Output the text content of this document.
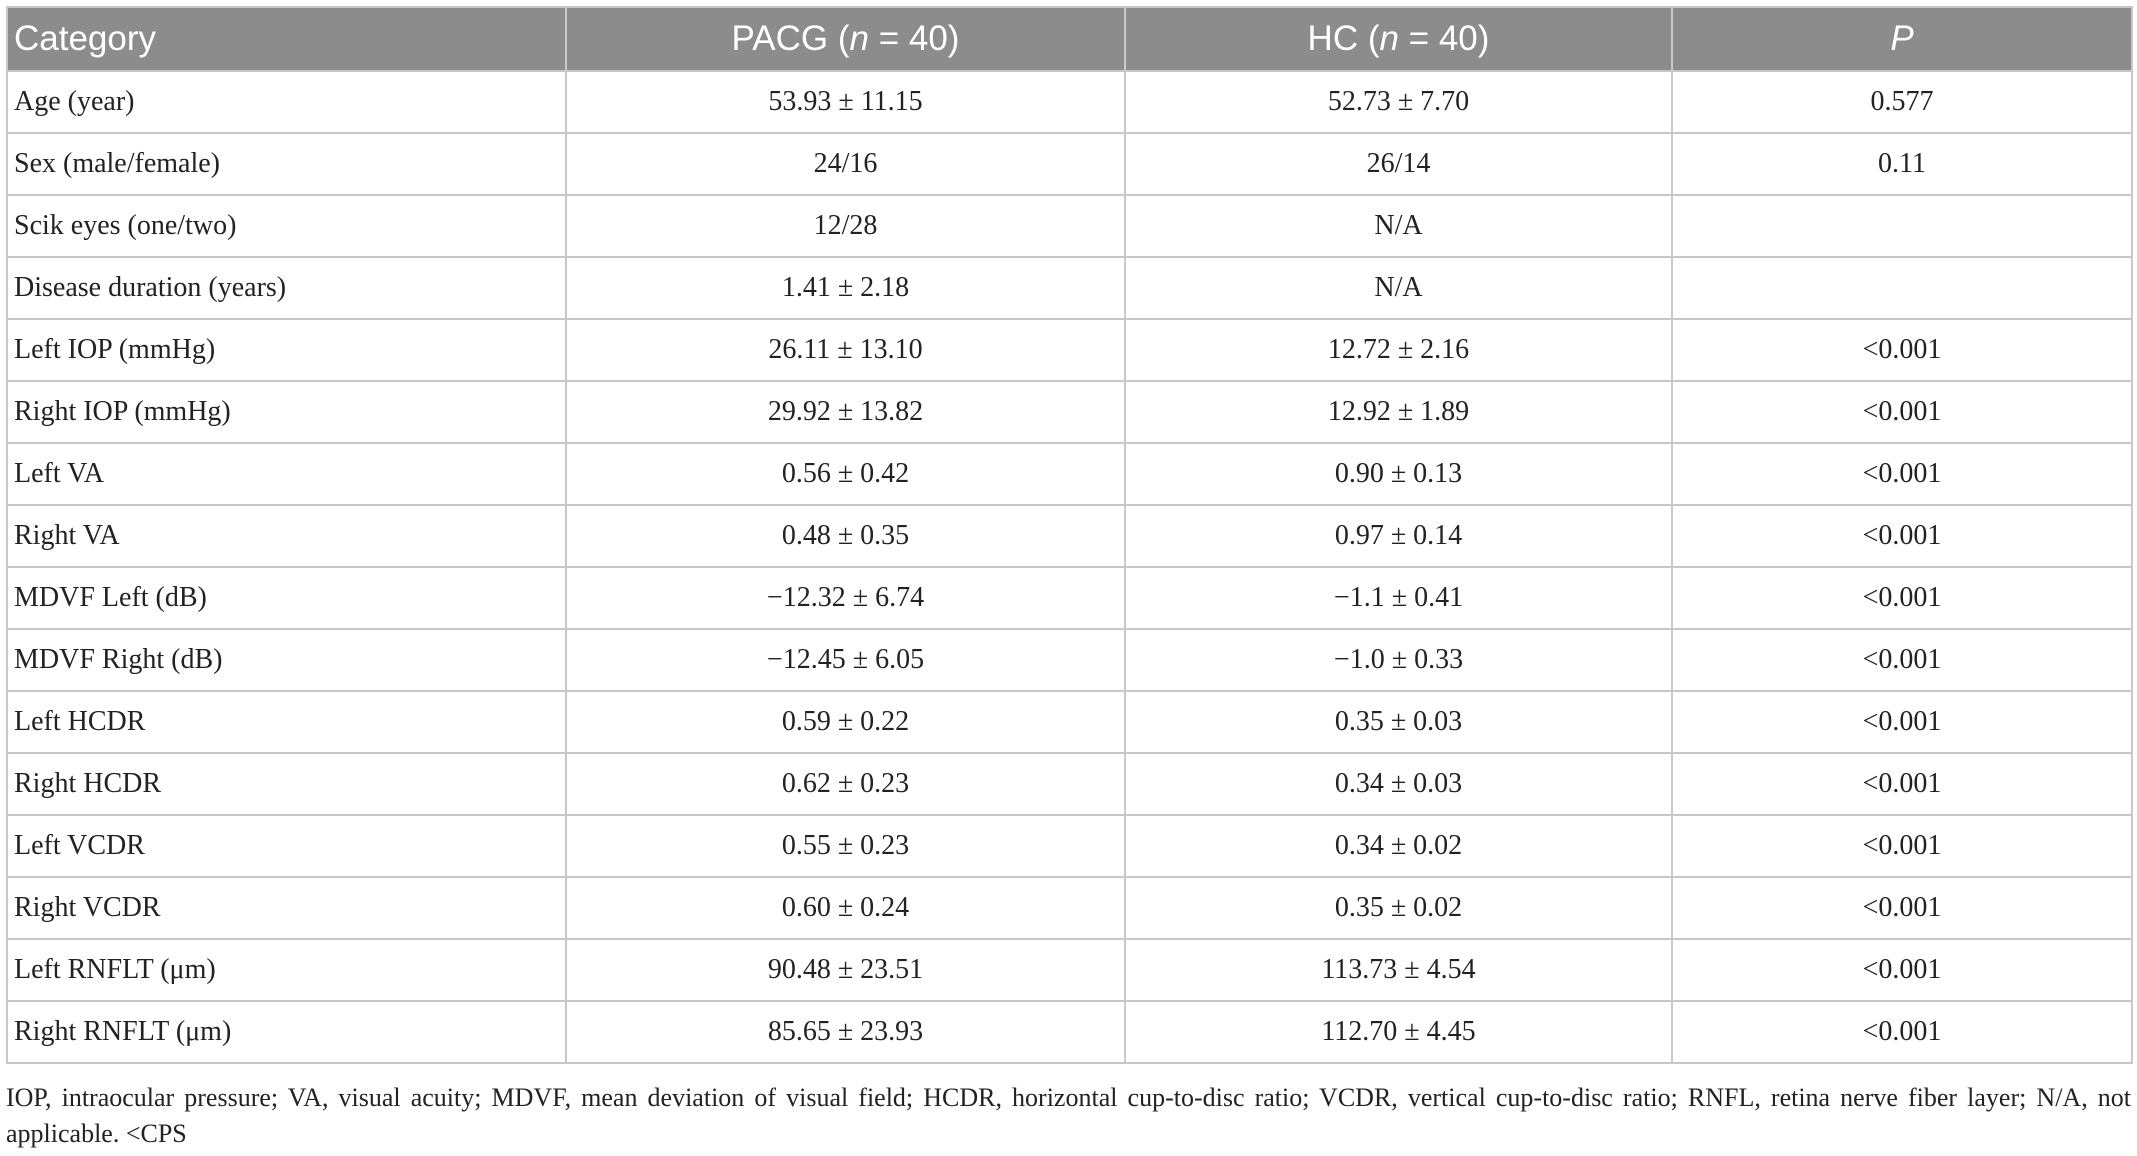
Category	PACG (n = 40)	HC (n = 40)	P
Age (year)	53.93 ± 11.15	52.73 ± 7.70	0.577
Sex (male/female)	24/16	26/14	0.11
Scik eyes (one/two)	12/28	N/A	
Disease duration (years)	1.41 ± 2.18	N/A	
Left IOP (mmHg)	26.11 ± 13.10	12.72 ± 2.16	<0.001
Right IOP (mmHg)	29.92 ± 13.82	12.92 ± 1.89	<0.001
Left VA	0.56 ± 0.42	0.90 ± 0.13	<0.001
Right VA	0.48 ± 0.35	0.97 ± 0.14	<0.001
MDVF Left (dB)	−12.32 ± 6.74	−1.1 ± 0.41	<0.001
MDVF Right (dB)	−12.45 ± 6.05	−1.0 ± 0.33	<0.001
Left HCDR	0.59 ± 0.22	0.35 ± 0.03	<0.001
Right HCDR	0.62 ± 0.23	0.34 ± 0.03	<0.001
Left VCDR	0.55 ± 0.23	0.34 ± 0.02	<0.001
Right VCDR	0.60 ± 0.24	0.35 ± 0.02	<0.001
Left RNFLT (μm)	90.48 ± 23.51	113.73 ± 4.54	<0.001
Right RNFLT (μm)	85.65 ± 23.93	112.70 ± 4.45	<0.001
IOP, intraocular pressure; VA, visual acuity; MDVF, mean deviation of visual field; HCDR, horizontal cup-to-disc ratio; VCDR, vertical cup-to-disc ratio; RNFL, retina nerve fiber layer; N/A, not applicable. <CPS
